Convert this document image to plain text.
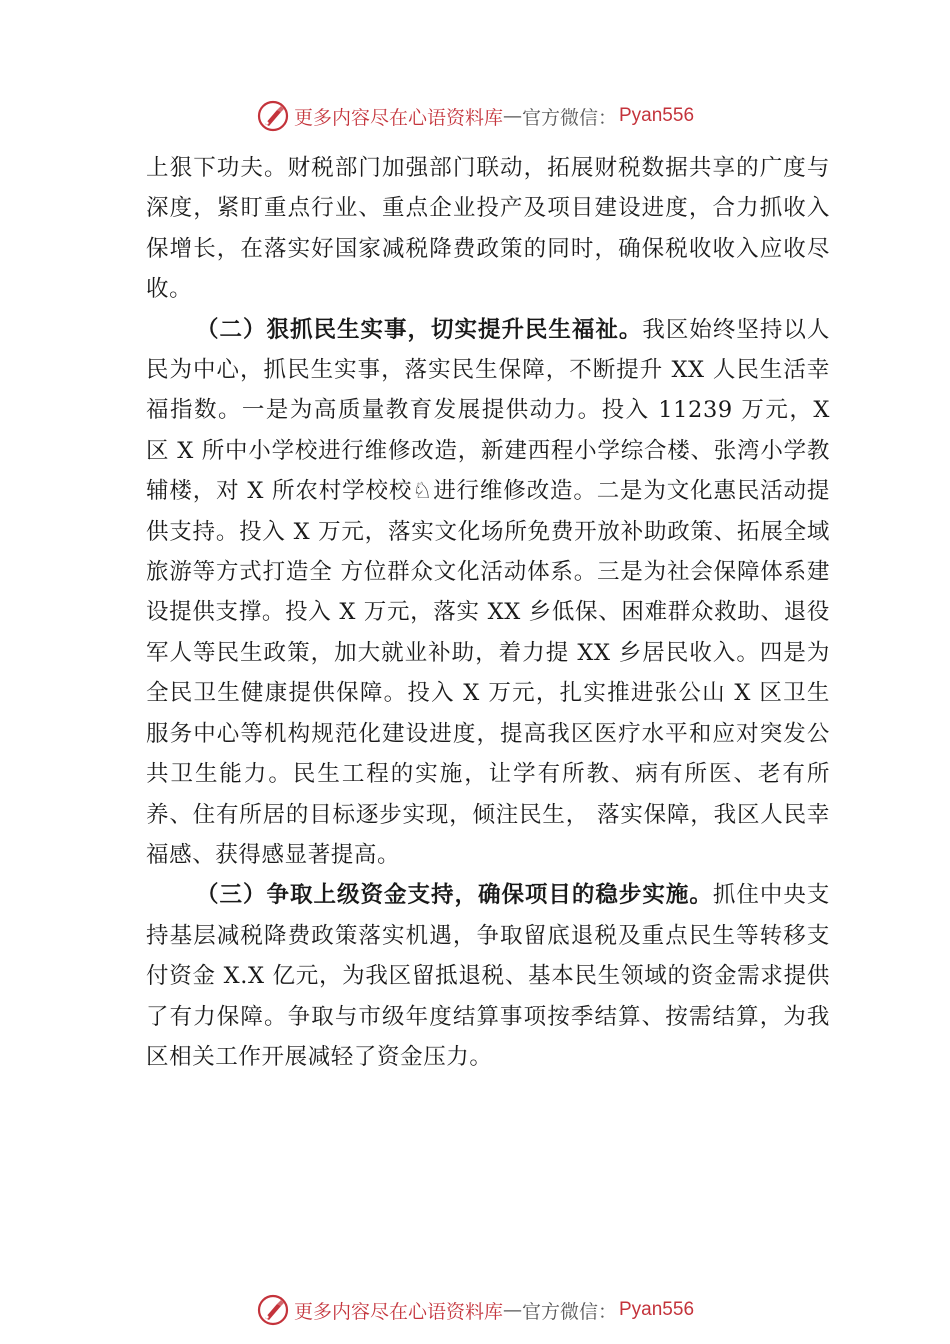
更多内容尽在心语资料库 — 官方微信： Pyan556

上狠下功夫。财税部门加强部门联动，拓展财税数据共享的广度与深度，紧盯重点行业、重点企业投产及项目建设进度，合力抓收入保增长，在落实好国家减税降费政策的同时，确保税收收入应收尽收。

（二）狠抓民生实事，切实提升民生福祉。我区始终坚持以人民为中心，抓民生实事，落实民生保障，不断提升 XX 人民生活幸福指数。一是为高质量教育发展提供动力。投入 11239 万元，X 区 X 所中小学校进行维修改造，新建西程小学综合楼、张湾小学教辅楼，对 X 所农村学校校♘进行维修改造。二是为文化惠民活动提供支持。投入 X 万元，落实文化场所免费开放补助政策、拓展全域旅游等方式打造全 方位群众文化活动体系。三是为社会保障体系建设提供支撑。投入 X 万元，落实 XX 乡低保、困难群众救助、退役军人等民生政策，加大就业补助，着力提 XX 乡居民收入。四是为 全民卫生健康提供保障。投入 X 万元，扎实推进张公山 X 区卫生服务中心等机构规范化建设进度，提高我区医疗水平和应对突发公共卫生能力。民生工程的实施，让学有所教、病有所医、老有所养、住有所居的目标逐步实现，倾注民生， 落实保障，我区人民幸福感、获得感显著提高。

（三）争取上级资金支持，确保项目的稳步实施。抓住中央支持基层减税降费政策落实机遇，争取留底退税及重点民生等转移支付资金 X.X 亿元，为我区留抵退税、基本民生领域的资金需求提供了有力保障。争取与市级年度结算事项按季结算、按需结算，为我区相关工作开展减轻了资金压力。

更多内容尽在心语资料库 — 官方微信： Pyan556
